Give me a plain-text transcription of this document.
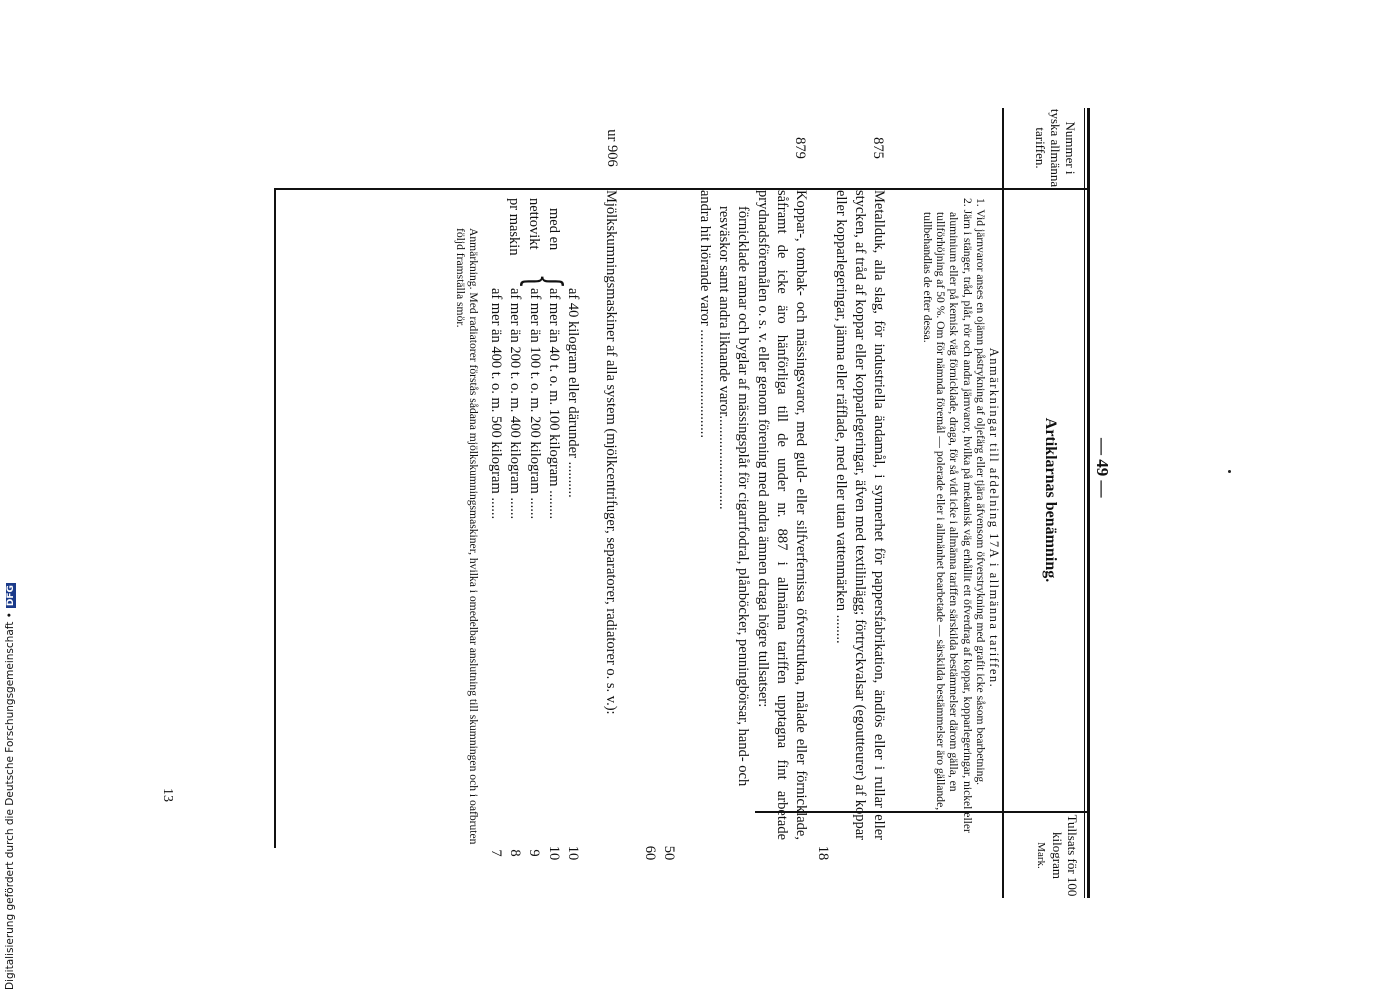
— 49 —
Nummer i tyska allmänna tariffen.
Artiklarnas benämning.
Tullsats för 100 kilogram
Mark.
Anmärkningar till afdelning 17A i allmänna tariffen.
1. Vid järnvaror anses en ojämn påstrykning af oljefärg eller tjära äfvensom öfverstrykning med grafit icke såsom bearbetning.
2. Järn i stänger, tråd, plåt, rör och andra järnvaror, hvilka på mekanisk väg erhållit ett öfverdrag af koppar, kopparlegeringar, nickel eller aluminium eller på kemisk väg förnicklade, draga, för så vidt icke i allmänna tariffen särskilda bestämmelser därom gälla, en tullförhöjning af 50 %. Om för nämnda föremål — polerade eller i allmänhet bearbetade — särskilda bestämmelser äro gällande, tullbehandlas de efter dessa.
875
Metallduk, alla slag, för industriella ändamål, i synnerhet för pappersfabrikation, ändlös eller i rullar eller stycken, af tråd af koppar eller kopparlegeringar, äfven med textilinlägg; förtryckvalsar (egoutteurer) af koppar eller kopparlegeringar, jämna eller räfflade, med eller utan vattenmärken ........
18
879
Koppar-, tombak- och mässingsvaror, med guld- eller silfverfernissa öfverstrukna, målade eller förnicklade, såframt de icke äro hänförliga till de under nr. 887 i allmänna tariffen upptagna fint arbetade prydnadsföremålen o. s. v. eller genom förening med andra ämnen draga högre tullsatser:
förnicklade ramar och byglar af mässingsplåt för cigarrfodral, plånböcker, penningbörsar, hand- och resväskor samt andra liknande varor..........................
andra hit hörande varor ..............................
50
60
ur 906
Mjölkskumningsmaskiner af alla system (mjölkcentrifuger, separatorer, radiatorer o. s. v.):
med en
nettovikt
pr maskin
{
af 40 kilogram eller därunder ..........
af mer än 40 t. o. m. 100 kilogram ........
af mer än 100 t. o. m. 200 kilogram ......
af mer än 200 t. o. m. 400 kilogram ......
af mer än 400 t. o. m. 500 kilogram ......
10
10
9
8
7
Anmärkning. Med radiatorer förstås sådana mjölkskumningsmaskiner, hvilka i omedelbar anslutning till skumningen och i oafbruten följd framställa smör.
13
Digitalisierung gefördert durch die Deutsche Forschungsgemeinschaft •DFG
